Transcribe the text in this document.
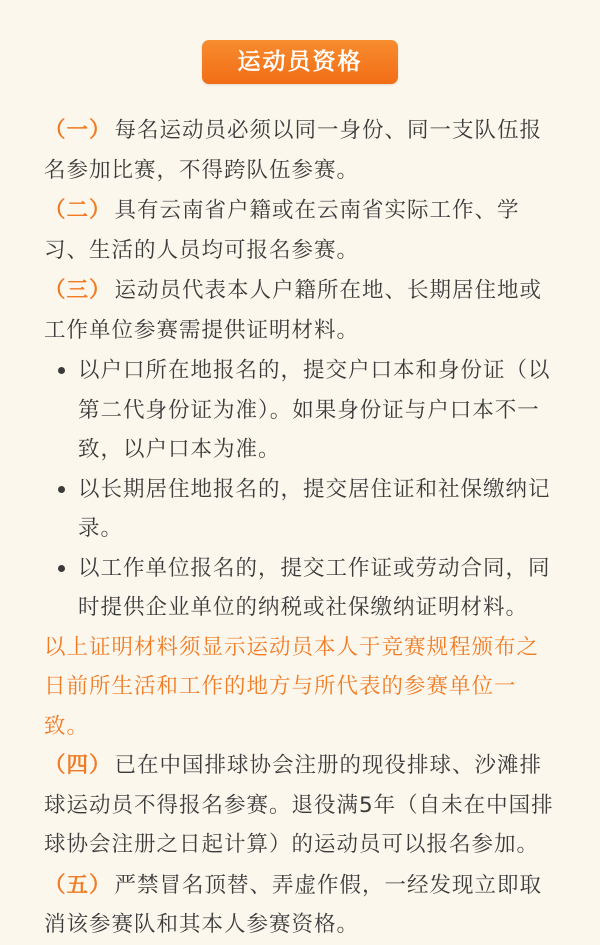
运动员资格

（一） 每名运动员必须以同一身份、同一支队伍报名参加比赛，不得跨队伍参赛。

（二） 具有云南省户籍或在云南省实际工作、学习、生活的人员均可报名参赛。

（三） 运动员代表本人户籍所在地、长期居住地或工作单位参赛需提供证明材料。

以户口所在地报名的，提交户口本和身份证（以第二代身份证为准）。如果身份证与户口本不一致，以户口本为准。
以长期居住地报名的，提交居住证和社保缴纳记录。
以工作单位报名的，提交工作证或劳动合同，同时提供企业单位的纳税或社保缴纳证明材料。

以上证明材料须显示运动员本人于竞赛规程颁布之日前所生活和工作的地方与所代表的参赛单位一致。

（四） 已在中国排球协会注册的现役排球、沙滩排球运动员不得报名参赛。退役满5年（自未在中国排球协会注册之日起计算）的运动员可以报名参加。

（五） 严禁冒名顶替、弄虚作假，一经发现立即取消该参赛队和其本人参赛资格。
